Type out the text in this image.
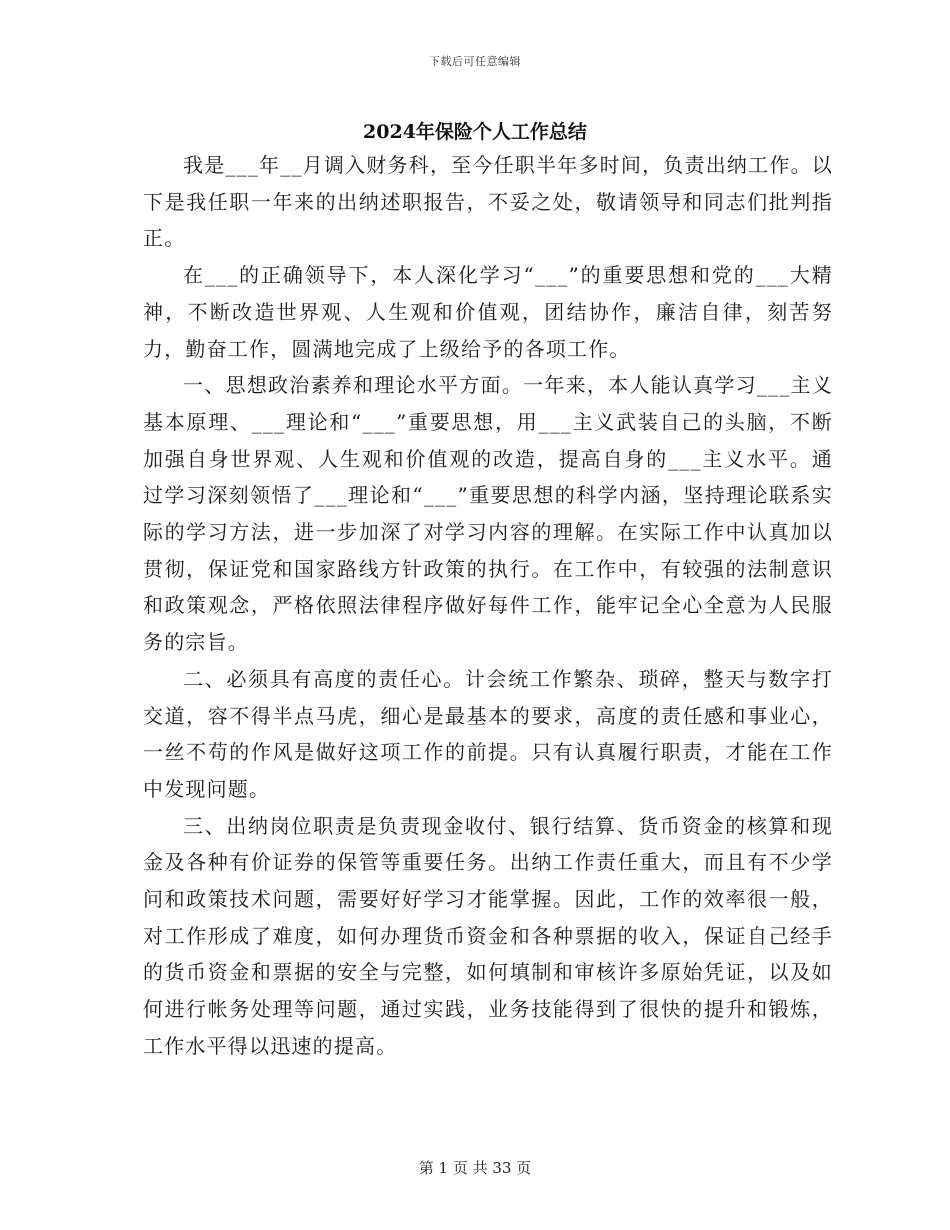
下载后可任意编辑
2024年保险个人工作总结

我是___年__月调入财务科，至今任职半年多时间，负责出纳工作。以下是我任职一年来的出纳述职报告，不妥之处，敬请领导和同志们批判指正。

在___的正确领导下，本人深化学习“___”的重要思想和党的___大精神，不断改造世界观、人生观和价值观，团结协作，廉洁自律，刻苦努力，勤奋工作，圆满地完成了上级给予的各项工作。

一、思想政治素养和理论水平方面。一年来，本人能认真学习___主义基本原理、___理论和“___”重要思想，用___主义武装自己的头脑，不断加强自身世界观、人生观和价值观的改造，提高自身的___主义水平。通过学习深刻领悟了___理论和“___”重要思想的科学内涵，坚持理论联系实际的学习方法，进一步加深了对学习内容的理解。在实际工作中认真加以贯彻，保证党和国家路线方针政策的执行。在工作中，有较强的法制意识和政策观念，严格依照法律程序做好每件工作，能牢记全心全意为人民服务的宗旨。

二、必须具有高度的责任心。计会统工作繁杂、琐碎，整天与数字打交道，容不得半点马虎，细心是最基本的要求，高度的责任感和事业心，一丝不苟的作风是做好这项工作的前提。只有认真履行职责，才能在工作中发现问题。

三、出纳岗位职责是负责现金收付、银行结算、货币资金的核算和现金及各种有价证券的保管等重要任务。出纳工作责任重大，而且有不少学问和政策技术问题，需要好好学习才能掌握。因此，工作的效率很一般，对工作形成了难度，如何办理货币资金和各种票据的收入，保证自己经手的货币资金和票据的安全与完整，如何填制和审核许多原始凭证，以及如何进行帐务处理等问题，通过实践，业务技能得到了很快的提升和锻炼，工作水平得以迅速的提高。

第 1 页 共 33 页
